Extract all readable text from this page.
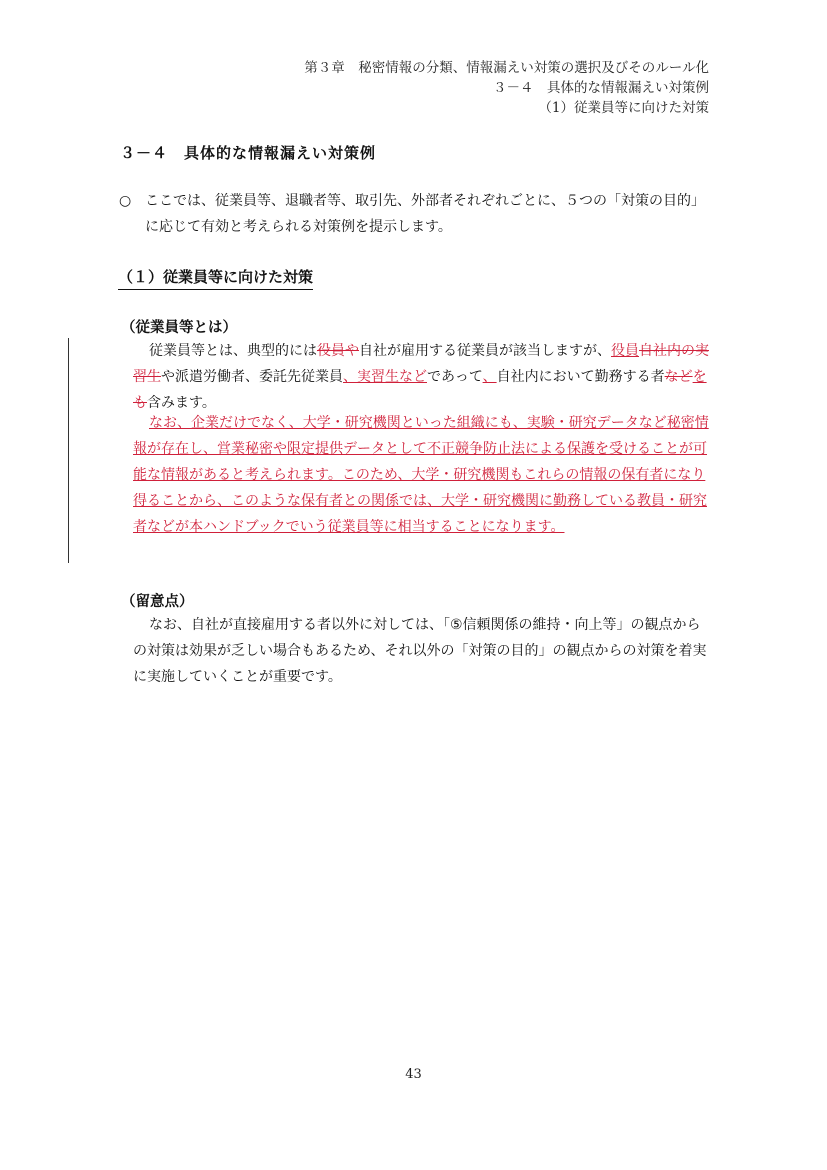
第３章　秘密情報の分類、情報漏えい対策の選択及びそのルール化
３－４　具体的な情報漏えい対策例
（1）従業員等に向けた対策
３－４　具体的な情報漏えい対策例
○ ここでは、従業員等、退職者等、取引先、外部者それぞれごとに、５つの「対策の目的」に応じて有効と考えられる対策例を提示します。
（１）従業員等に向けた対策
（従業員等とは）

従業員等とは、典型的には役員や自社が雇用する従業員が該当しますが、役員自社内の実習生や派遣労働者、委託先従業員、実習生などであって、自社内において勤務する者などをも含みます。

なお、企業だけでなく、大学・研究機関といった組織にも、実験・研究データなど秘密情報が存在し、営業秘密や限定提供データとして不正競争防止法による保護を受けることが可能な情報があると考えられます。このため、大学・研究機関もこれらの情報の保有者になり得ることから、このような保有者との関係では、大学・研究機関に勤務している教員・研究者などが本ハンドブックでいう従業員等に相当することになります。

（留意点）

なお、自社が直接雇用する者以外に対しては、「⑤信頼関係の維持・向上等」の観点からの対策は効果が乏しい場合もあるため、それ以外の「対策の目的」の観点からの対策を着実に実施していくことが重要です。

43
